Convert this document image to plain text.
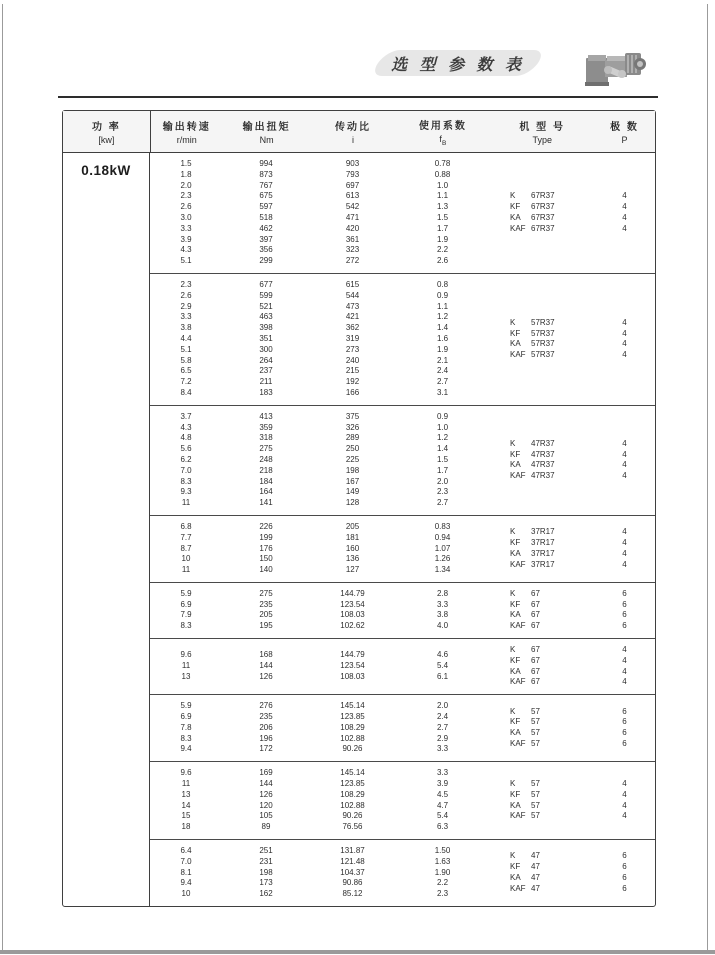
选 型 参 数 表
功 率
[kw]
输出转速
r/min
输出扭矩
Nm
传动比
i
使用系数
$f_B$
机 型 号
Type
极 数
P
0.18kW	1.5
1.8
2.0
2.3
2.6
3.0
3.3
3.9
4.3
5.1
994
873
767
675
597
518
462
397
356
299
903
793
697
613
542
471
420
361
323
272
0.78
0.88
1.0
1.1
1.3
1.5
1.7
1.9
2.2
2.6
K 67R37
KF 67R37
KA 67R37
KAF 67R37
4
4
4
4
2.3
2.6
2.9
3.3
3.8
4.4
5.1
5.8
6.5
7.2
8.4
677
599
521
463
398
351
300
264
237
211
183
615
544
473
421
362
319
273
240
215
192
166
0.8
0.9
1.1
1.2
1.4
1.6
1.9
2.1
2.4
2.7
3.1
K 57R37
KF 57R37
KA 57R37
KAF 57R37
4
4
4
4
3.7
4.3
4.8
5.6
6.2
7.0
8.3
9.3
11
413
359
318
275
248
218
184
164
141
375
326
289
250
225
198
167
149
128
0.9
1.0
1.2
1.4
1.5
1.7
2.0
2.3
2.7
K 47R37
KF 47R37
KA 47R37
KAF 47R37
4
4
4
4
6.8
7.7
8.7
10
11
226
199
176
150
140
205
181
160
136
127
0.83
0.94
1.07
1.26
1.34
K 37R17
KF 37R17
KA 37R17
KAF 37R17
4
4
4
4
5.9
6.9
7.9
8.3
275
235
205
195
144.79
123.54
108.03
102.62
2.8
3.3
3.8
4.0
K 67
KF 67
KA 67
KAF 67
6
6
6
6
9.6
11
13
168
144
126
144.79
123.54
108.03
4.6
5.4
6.1
K 67
KF 67
KA 67
KAF 67
4
4
4
4
5.9
6.9
7.8
8.3
9.4
276
235
206
196
172
145.14
123.85
108.29
102.88
90.26
2.0
2.4
2.7
2.9
3.3
K 57
KF 57
KA 57
KAF 57
6
6
6
6
9.6
11
13
14
15
18
169
144
126
120
105
89
145.14
123.85
108.29
102.88
90.26
76.56
3.3
3.9
4.5
4.7
5.4
6.3
K 57
KF 57
KA 57
KAF 57
4
4
4
4
6.4
7.0
8.1
9.4
10
251
231
198
173
162
131.87
121.48
104.37
90.86
85.12
1.50
1.63
1.90
2.2
2.3
K 47
KF 47
KA 47
KAF 47
6
6
6
6
